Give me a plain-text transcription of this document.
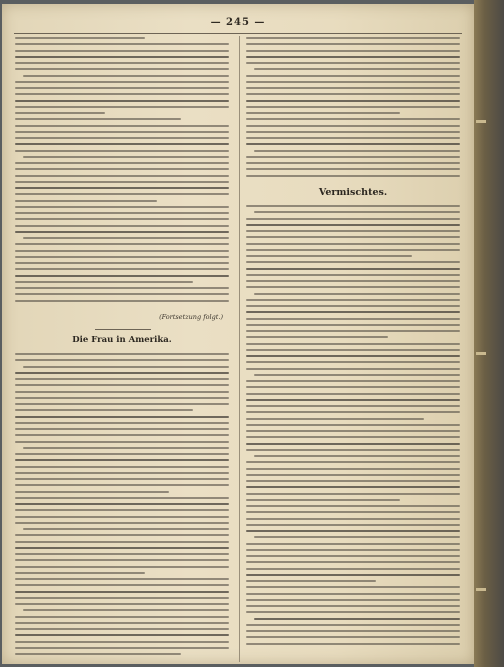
— 245 —
(Fortsetzung folgt.)
Die Frau in Amerika.
Vermischtes.
